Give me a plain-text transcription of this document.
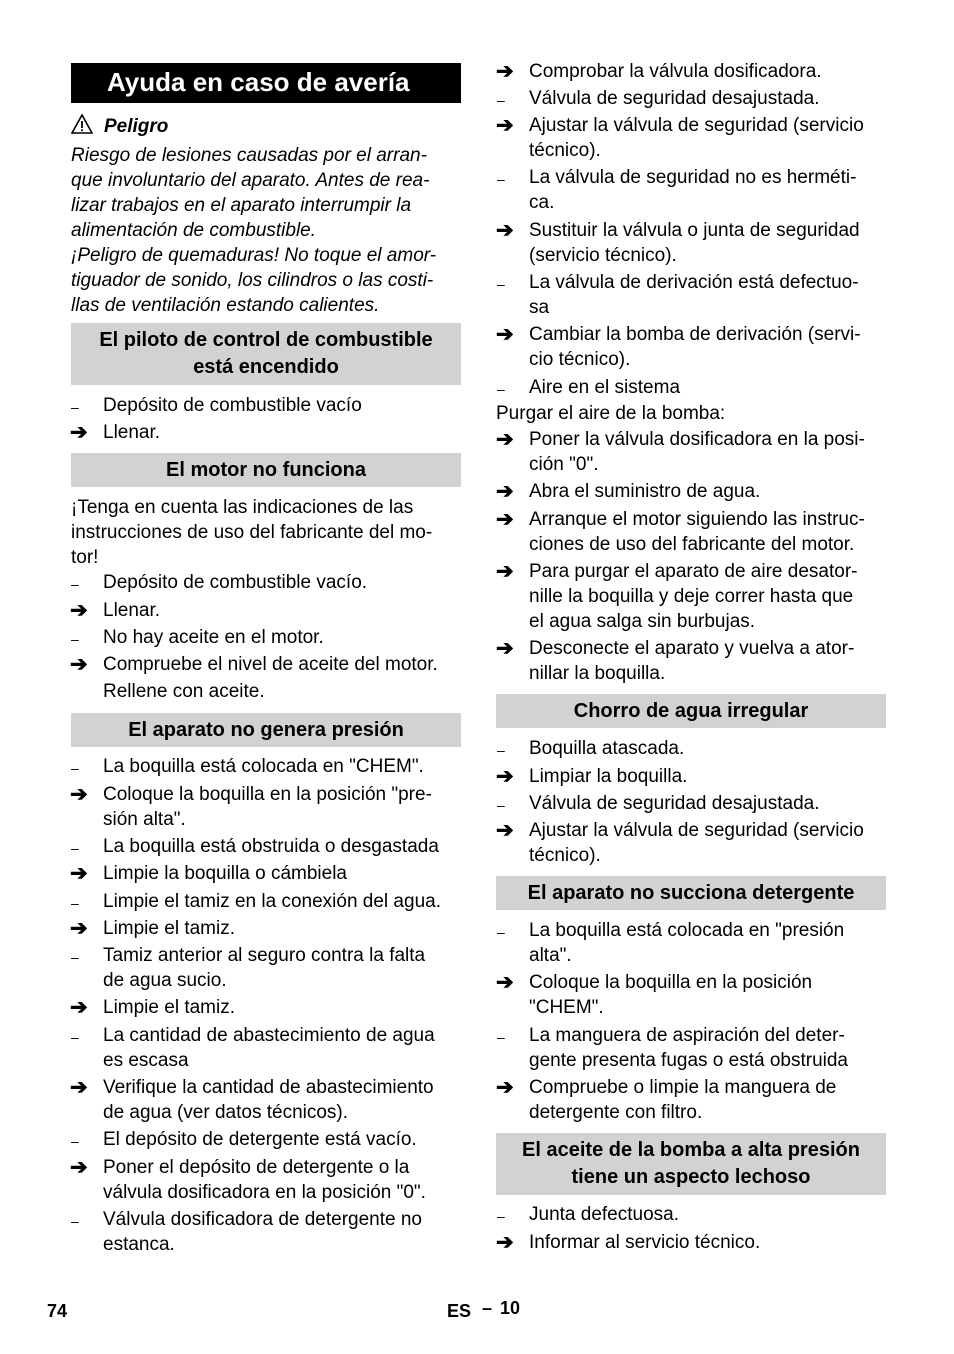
Ayuda en caso de avería
Peligro
Riesgo de lesiones causadas por el arran-
que involuntario del aparato. Antes de rea-
lizar trabajos en el aparato interrumpir la
alimentación de combustible.
¡Peligro de quemaduras! No toque el amor-
tiguador de sonido, los cilindros o las costi-
llas de ventilación estando calientes.
El piloto de control de combustible
está encendido
– Depósito de combustible vacío
➔ Llenar.
El motor no funciona
¡Tenga en cuenta las indicaciones de las
instrucciones de uso del fabricante del mo-
tor!
– Depósito de combustible vacío.
➔ Llenar.
– No hay aceite en el motor.
➔ Compruebe el nivel de aceite del motor.
Rellene con aceite.
El aparato no genera presión
– La boquilla está colocada en "CHEM".
➔ Coloque la boquilla en la posición "pre-
sión alta".
– La boquilla está obstruida o desgastada
➔ Limpie la boquilla o cámbiela
– Limpie el tamiz en la conexión del agua.
➔ Limpie el tamiz.
– Tamiz anterior al seguro contra la falta
de agua sucio.
➔ Limpie el tamiz.
– La cantidad de abastecimiento de agua
es escasa
➔ Verifique la cantidad de abastecimiento
de agua (ver datos técnicos).
– El depósito de detergente está vacío.
➔ Poner el depósito de detergente o la
válvula dosificadora en la posición "0".
– Válvula dosificadora de detergente no
estanca.
➔ Comprobar la válvula dosificadora.
– Válvula de seguridad desajustada.
➔ Ajustar la válvula de seguridad (servicio
técnico).
– La válvula de seguridad no es herméti-
ca.
➔ Sustituir la válvula o junta de seguridad
(servicio técnico).
– La válvula de derivación está defectuo-
sa
➔ Cambiar la bomba de derivación (servi-
cio técnico).
– Aire en el sistema
Purgar el aire de la bomba:
➔ Poner la válvula dosificadora en la posi-
ción "0".
➔ Abra el suministro de agua.
➔ Arranque el motor siguiendo las instruc-
ciones de uso del fabricante del motor.
➔ Para purgar el aparato de aire desator-
nille la boquilla y deje correr hasta que
el agua salga sin burbujas.
➔ Desconecte el aparato y vuelva a ator-
nillar la boquilla.
Chorro de agua irregular
– Boquilla atascada.
➔ Limpiar la boquilla.
– Válvula de seguridad desajustada.
➔ Ajustar la válvula de seguridad (servicio
técnico).
El aparato no succiona detergente
– La boquilla está colocada en "presión
alta".
➔ Coloque la boquilla en la posición
"CHEM".
– La manguera de aspiración del deter-
gente presenta fugas o está obstruida
➔ Compruebe o limpie la manguera de
detergente con filtro.
El aceite de la bomba a alta presión
tiene un aspecto lechoso
– Junta defectuosa.
➔ Informar al servicio técnico.
74	ES – 10
